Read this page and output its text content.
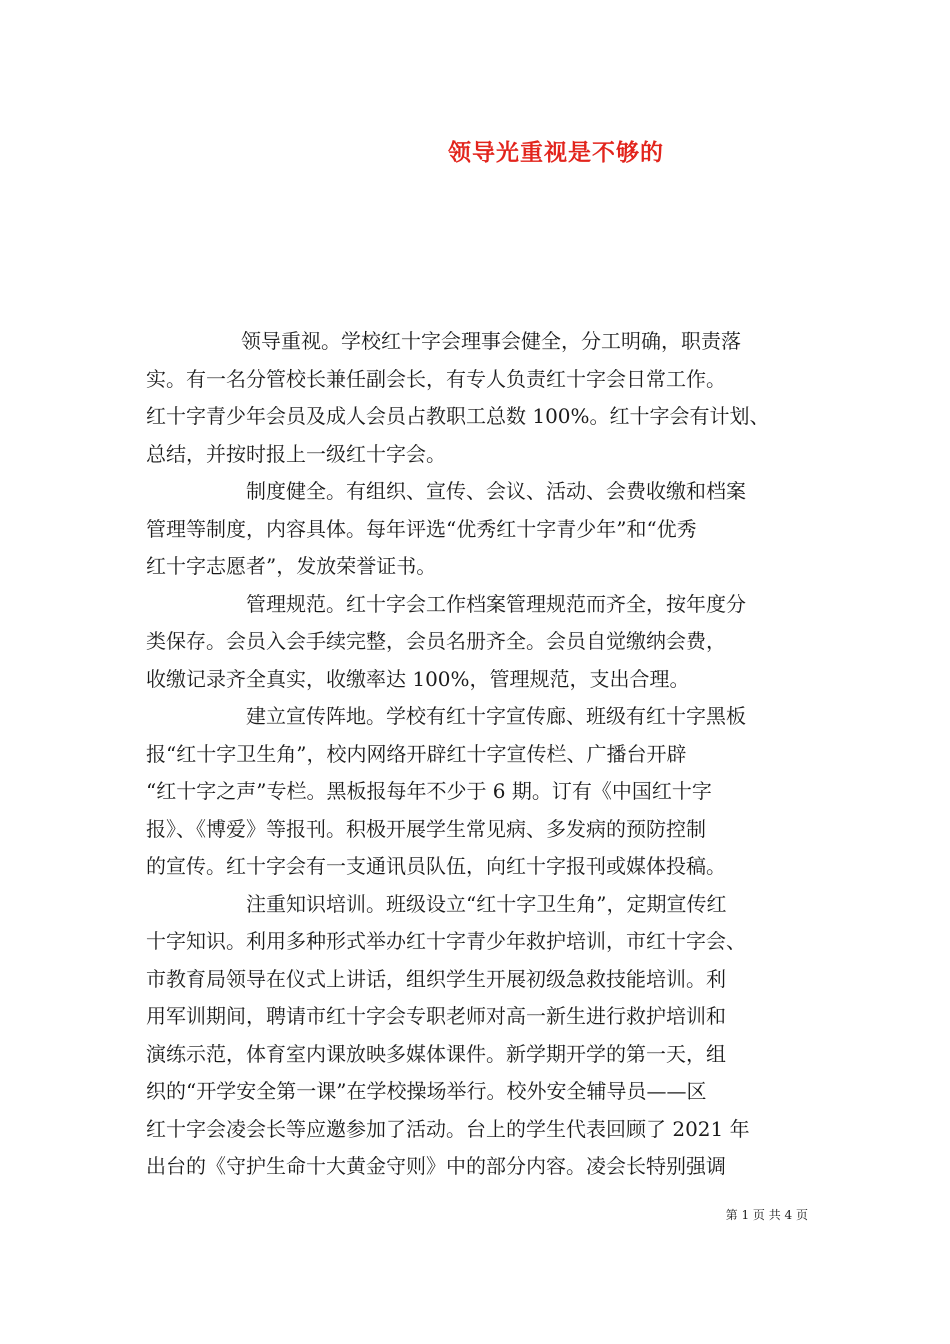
领导光重视是不够的
领导重视。学校红十字会理事会健全，分工明确，职责落
实。有一名分管校长兼任副会长，有专人负责红十字会日常工作。
红十字青少年会员及成人会员占教职工总数 100%。红十字会有计划、
总结，并按时报上一级红十字会。
制度健全。有组织、宣传、会议、活动、会费收缴和档案
管理等制度，内容具体。每年评选“优秀红十字青少年”和“优秀
红十字志愿者”，发放荣誉证书。
管理规范。红十字会工作档案管理规范而齐全，按年度分
类保存。会员入会手续完整，会员名册齐全。会员自觉缴纳会费，
收缴记录齐全真实，收缴率达 100%，管理规范，支出合理。
建立宣传阵地。学校有红十字宣传廊、班级有红十字黑板
报“红十字卫生角”，校内网络开辟红十字宣传栏、广播台开辟
“红十字之声”专栏。黑板报每年不少于 6 期。订有《中国红十字
报》、《博爱》等报刊。积极开展学生常见病、多发病的预防控制
的宣传。红十字会有一支通讯员队伍，向红十字报刊或媒体投稿。
注重知识培训。班级设立“红十字卫生角”，定期宣传红
十字知识。利用多种形式举办红十字青少年救护培训，市红十字会、
市教育局领导在仪式上讲话，组织学生开展初级急救技能培训。利
用军训期间，聘请市红十字会专职老师对高一新生进行救护培训和
演练示范，体育室内课放映多媒体课件。新学期开学的第一天，组
织的“开学安全第一课”在学校操场举行。校外安全辅导员——区
红十字会凌会长等应邀参加了活动。台上的学生代表回顾了 2021 年
出台的《守护生命十大黄金守则》中的部分内容。凌会长特别强调
第 1 页 共 4 页
